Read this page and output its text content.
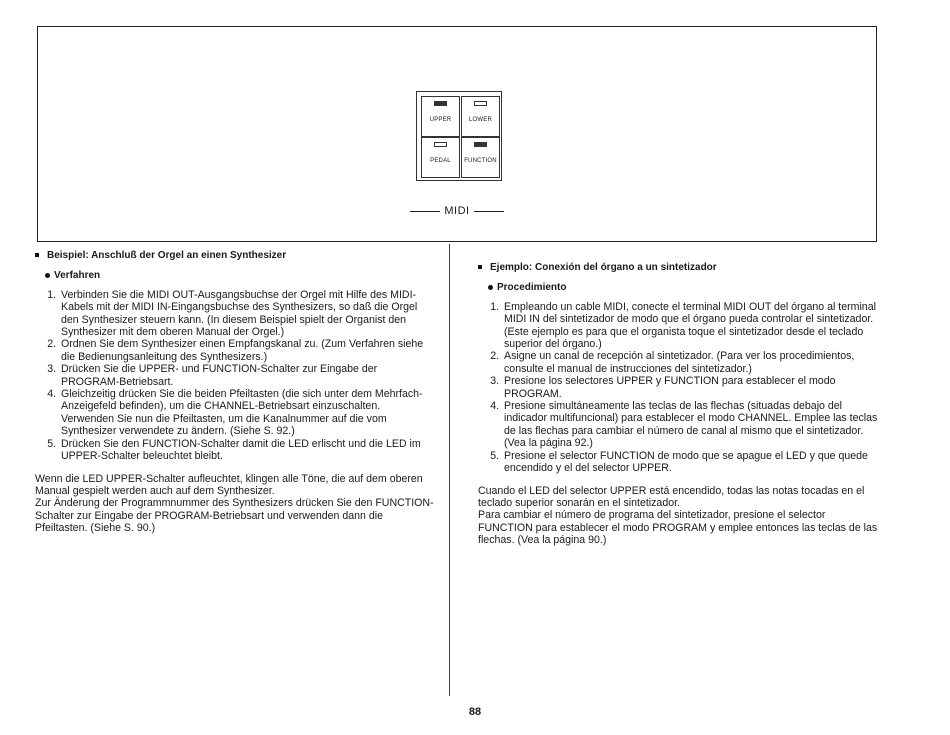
UPPER	LOWER
PEDAL	FUNCTION
MIDI
Beispiel: Anschluß der Orgel an einen Synthesizer
Verfahren
1. Verbinden Sie die MIDI OUT-Ausgangsbuchse der Orgel mit Hilfe des MIDI-Kabels mit der MIDI IN-Eingangsbuchse des Synthesizers, so daß die Orgel den Synthesizer steuern kann. (In diesem Beispiel spielt der Organist den Synthesizer mit dem oberen Manual der Orgel.)
2. Ordnen Sie dem Synthesizer einen Empfangskanal zu. (Zum Verfahren siehe die Bedienungsanleitung des Synthesizers.)
3. Drücken Sie die UPPER- und FUNCTION-Schalter zur Eingabe der PROGRAM-Betriebsart.
4. Gleichzeitig drücken Sie die beiden Pfeiltasten (die sich unter dem Mehrfach-Anzeigefeld befinden), um die CHANNEL-Betriebsart einzuschalten. Verwenden Sie nun die Pfeiltasten, um die Kanalnummer auf die vom Synthesizer verwendete zu ändern. (Siehe S. 92.)
5. Drücken Sie den FUNCTION-Schalter damit die LED erlischt und die LED im UPPER-Schalter beleuchtet bleibt.
Wenn die LED UPPER-Schalter aufleuchtet, klingen alle Töne, die auf dem oberen Manual gespielt werden auch auf dem Synthesizer.
Zur Änderung der Programmnummer des Synthesizers drücken Sie den FUNCTION-Schalter zur Eingabe der PROGRAM-Betriebsart und verwenden dann die Pfeiltasten. (Siehe S. 90.)
Ejemplo: Conexión del órgano a un sintetizador
Procedimiento
1. Empleando un cable MIDI, conecte el terminal MIDI OUT del órgano al terminal MIDI IN del sintetizador de modo que el órgano pueda controlar el sintetizador. (Este ejemplo es para que el organista toque el sintetizador desde el teclado superior del órgano.)
2. Asigne un canal de recepción al sintetizador. (Para ver los procedimientos, consulte el manual de instrucciones del sintetizador.)
3. Presione los selectores UPPER y FUNCTION para establecer el modo PROGRAM.
4. Presione simultáneamente las teclas de las flechas (situadas debajo del indicador multifuncional) para establecer el modo CHANNEL. Emplee las teclas de las flechas para cambiar el número de canal al mismo que el sintetizador. (Vea la página 92.)
5. Presione el selector FUNCTION de modo que se apague el LED y que quede encendido y el del selector UPPER.
Cuando el LED del selector UPPER está encendido, todas las notas tocadas en el teclado superior sonarán en el sintetizador.
Para cambiar el número de programa del sintetizador, presione el selector FUNCTION para establecer el modo PROGRAM y emplee entonces las teclas de las flechas. (Vea la página 90.)
88
